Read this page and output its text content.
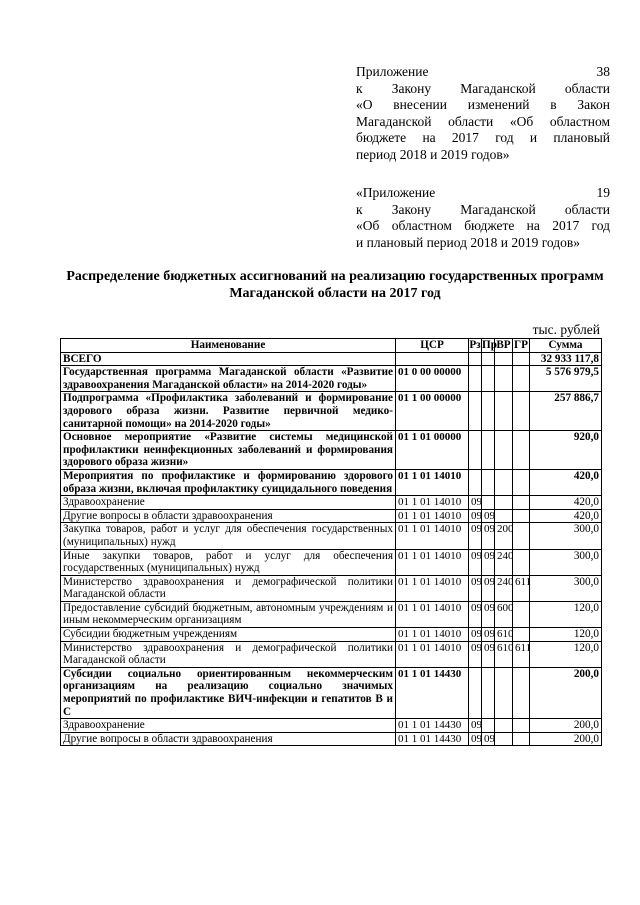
Приложение 38
к Закону Магаданской области
«О внесении изменений в Закон
Магаданской области «Об областном
бюджете на 2017 год и плановый
период 2018 и 2019 годов»
«Приложение 19
к Закону Магаданской области
«Об областном бюджете на 2017 год
и плановый период 2018 и 2019 годов»
Распределение бюджетных ассигнований на реализацию государственных программ Магаданской области на 2017 год
тыс. рублей
Наименование	ЦСР	Рз	Пр	ВР	ГР	Сумма
ВСЕГО						32 933 117,8
Государственная программа Магаданской области «Развитие здравоохранения Магаданской области» на 2014-2020 годы»	01 0 00 00000					5 576 979,5
Подпрограмма «Профилактика заболеваний и формирование здорового образа жизни. Развитие первичной медико-санитарной помощи» на 2014-2020 годы»	01 1 00 00000					257 886,7
Основное мероприятие «Развитие системы медицинской профилактики неинфекционных заболеваний и формирования здорового образа жизни»	01 1 01 00000					920,0
Мероприятия по профилактике и формированию здорового образа жизни, включая профилактику суицидального поведения	01 1 01 14010					420,0
Здравоохранение	01 1 01 14010	09				420,0
Другие вопросы в области здравоохранения	01 1 01 14010	09	09			420,0
Закупка товаров, работ и услуг для обеспечения государственных (муниципальных) нужд	01 1 01 14010	09	09	200		300,0
Иные закупки товаров, работ и услуг для обеспечения государственных (муниципальных) нужд	01 1 01 14010	09	09	240		300,0
Министерство здравоохранения и демографической политики Магаданской области	01 1 01 14010	09	09	240	611	300,0
Предоставление субсидий бюджетным, автономным учреждениям и иным некоммерческим организациям	01 1 01 14010	09	09	600		120,0
Субсидии бюджетным учреждениям	01 1 01 14010	09	09	610		120,0
Министерство здравоохранения и демографической политики Магаданской области	01 1 01 14010	09	09	610	611	120,0
Субсидии социально ориентированным некоммерческим организациям на реализацию социально значимых мероприятий по профилактике ВИЧ-инфекции и гепатитов В и С	01 1 01 14430					200,0
Здравоохранение	01 1 01 14430	09				200,0
Другие вопросы в области здравоохранения	01 1 01 14430	09	09			200,0
